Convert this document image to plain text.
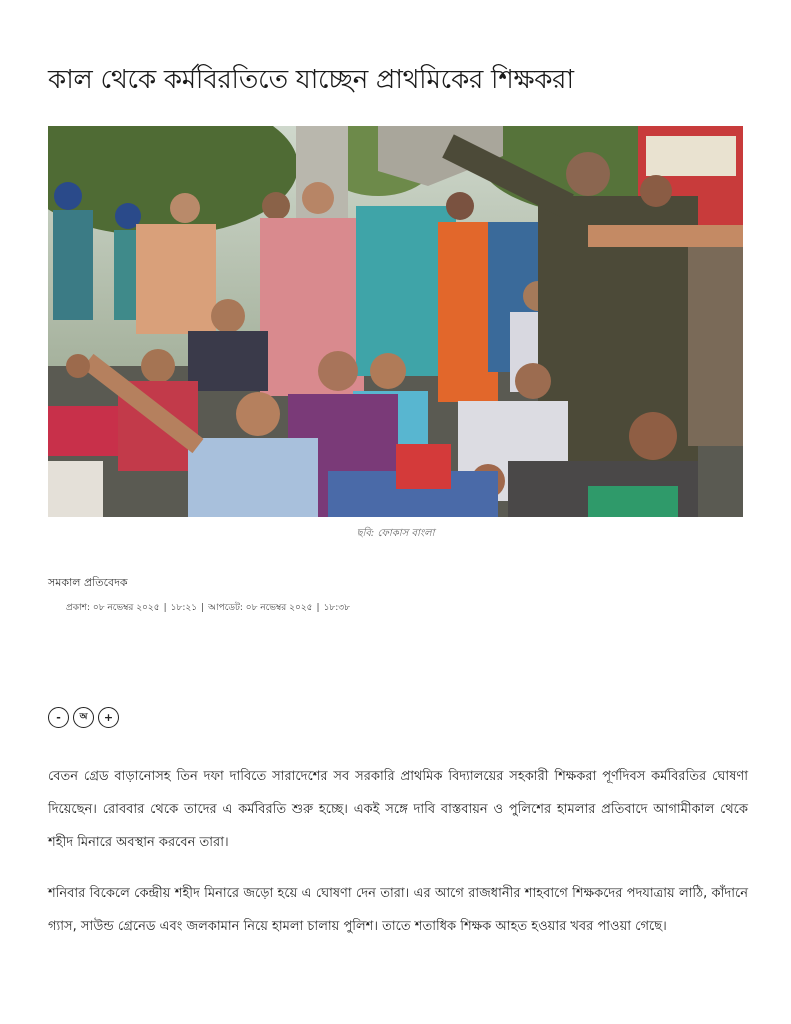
কাল থেকে কর্মবিরতিতে যাচ্ছেন প্রাথমিকের শিক্ষকরা
ছবি: ফোকাস বাংলা
সমকাল প্রতিবেদক
প্রকাশ: ০৮ নভেম্বর ২০২৫ | ১৮:২১ | আপডেট: ০৮ নভেম্বর ২০২৫ | ১৮:৩৮
-	অ	+

বেতন গ্রেড বাড়ানোসহ তিন দফা দাবিতে সারাদেশের সব সরকারি প্রাথমিক বিদ্যালয়ের সহকারী শিক্ষকরা পূর্ণদিবস কর্মবিরতির ঘোষণা দিয়েছেন। রোববার থেকে তাদের এ কর্মবিরতি শুরু হচ্ছে। একই সঙ্গে দাবি বাস্তবায়ন ও পুলিশের হামলার প্রতিবাদে আগামীকাল থেকে শহীদ মিনারে অবস্থান করবেন তারা।

শনিবার বিকেলে কেন্দ্রীয় শহীদ মিনারে জড়ো হয়ে এ ঘোষণা দেন তারা। এর আগে রাজধানীর শাহবাগে শিক্ষকদের পদযাত্রায় লাঠি, কাঁদানে গ্যাস, সাউন্ড গ্রেনেড এবং জলকামান নিয়ে হামলা চালায় পুলিশ। তাতে শতাধিক শিক্ষক আহত হওয়ার খবর পাওয়া গেছে।
